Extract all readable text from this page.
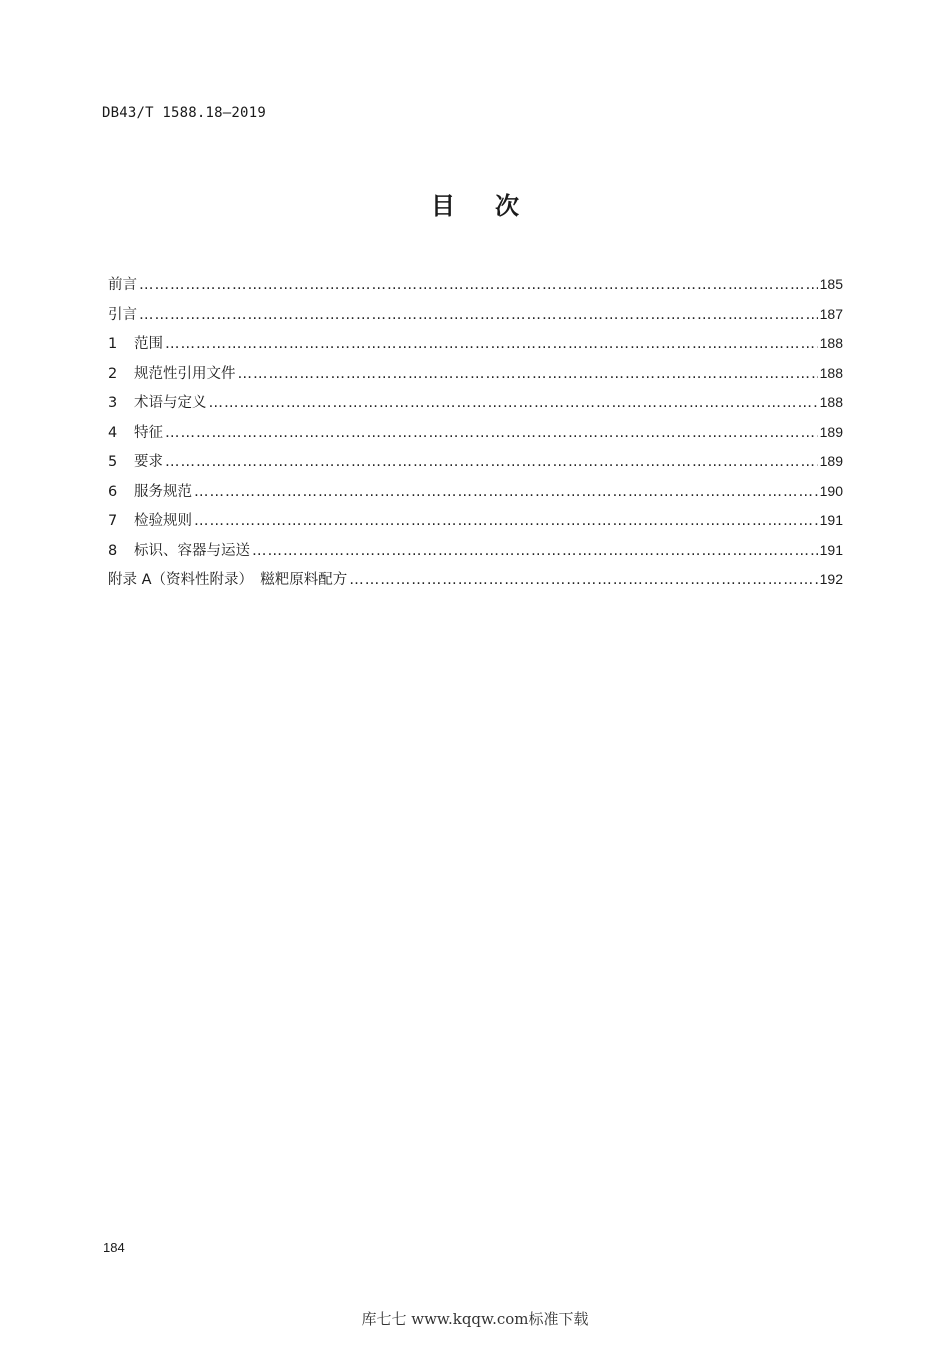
DB43/T 1588.18—2019
目次
前言 ………………………………………………………………………………………………………………………………………………………………………………………………………………………………………………	185
引言 ………………………………………………………………………………………………………………………………………………………………………………………………………………………………………………	187
1	范围 ………………………………………………………………………………………………………………………………………………………………………………………………………………………………………………	188
2	规范性引用文件 ………………………………………………………………………………………………………………………………………………………………………………………………………………………………………………	188
3	术语与定义 ………………………………………………………………………………………………………………………………………………………………………………………………………………………………………………	188
4	特征 ………………………………………………………………………………………………………………………………………………………………………………………………………………………………………………	189
5	要求 ………………………………………………………………………………………………………………………………………………………………………………………………………………………………………………	189
6	服务规范 ………………………………………………………………………………………………………………………………………………………………………………………………………………………………………………	190
7	检验规则 ………………………………………………………………………………………………………………………………………………………………………………………………………………………………………………	191
8	标识、容器与运送 ………………………………………………………………………………………………………………………………………………………………………………………………………………………………………………	191
附录 A（资料性附录）　糍粑原料配方 ………………………………………………………………………………………………………………………………………………………………………………………………………………………………………………	192
184
库七七 www.kqqw.com标准下载
